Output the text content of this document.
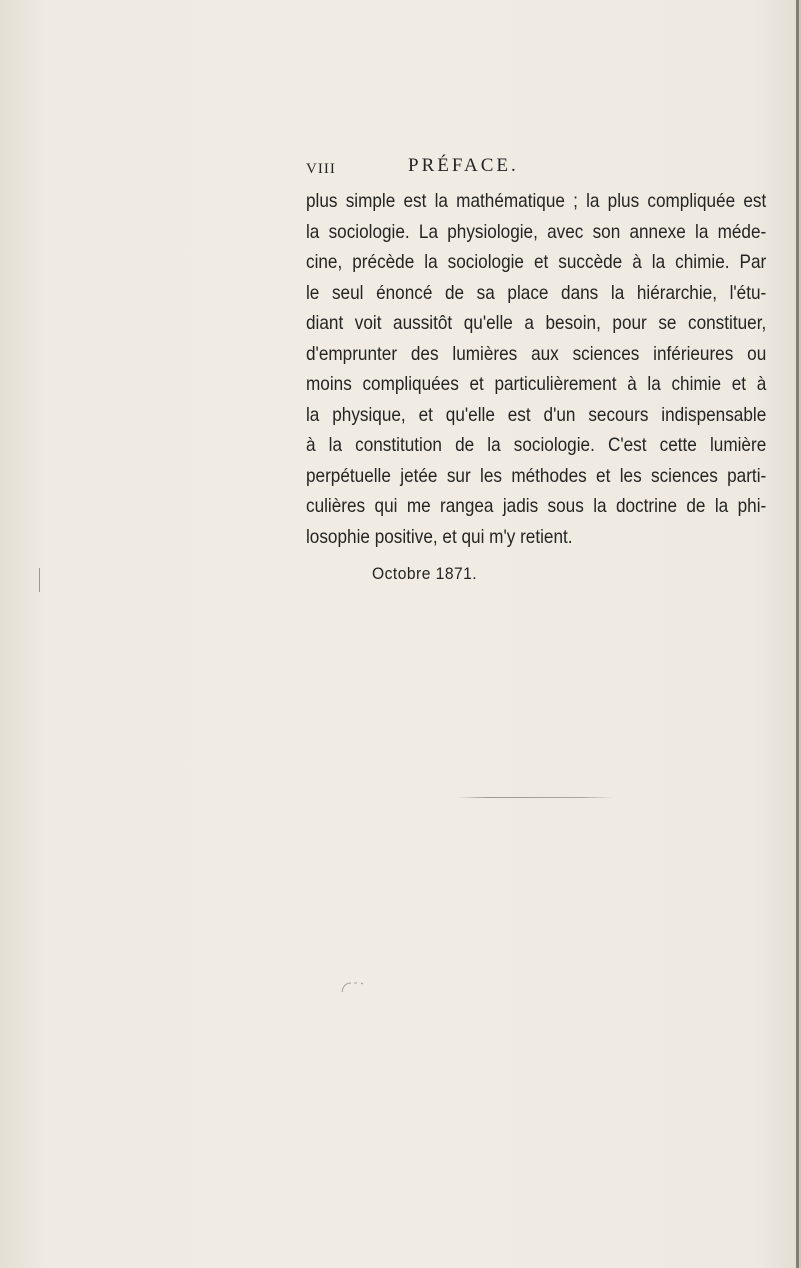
VIII	PRÉFACE.
plus simple est la mathématique ; la plus compliquée est
la sociologie. La physiologie, avec son annexe la méde-
cine, précède la sociologie et succède à la chimie. Par
le seul énoncé de sa place dans la hiérarchie, l'étu-
diant voit aussitôt qu'elle a besoin, pour se constituer,
d'emprunter des lumières aux sciences inférieures ou
moins compliquées et particulièrement à la chimie et à
la physique, et qu'elle est d'un secours indispensable
à la constitution de la sociologie. C'est cette lumière
perpétuelle jetée sur les méthodes et les sciences parti-
culières qui me rangea jadis sous la doctrine de la phi-
losophie positive, et qui m'y retient.
Octobre 1871.
